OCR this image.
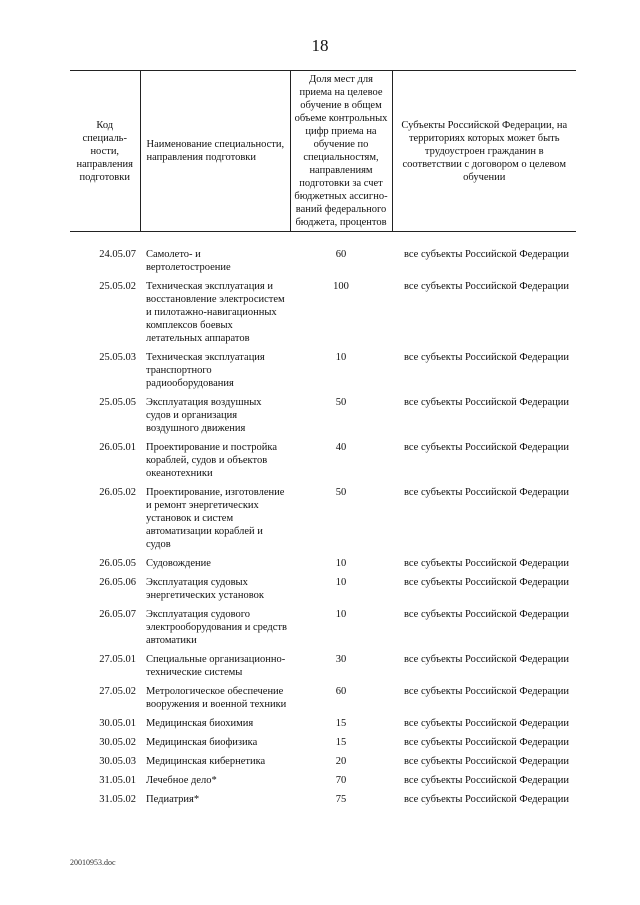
18
Код специаль-ности, направления подготовки	Наименование специальности, направления подготовки	Доля мест для приема на целевое обучение в общем объеме контрольных цифр приема на обучение по специальностям, направлениям подготовки за счет бюджетных ассигно-ваний федерального бюджета, процентов	Субъекты Российской Федерации, на территориях которых может быть трудоустроен гражданин в соответствии с договором о целевом обучении
24.05.07	Самолето- и вертолетостроение	60	все субъекты Российской Федерации
25.05.02	Техническая эксплуатация и восстановление электросистем и пилотажно-навигационных комплексов боевых летательных аппаратов	100	все субъекты Российской Федерации
25.05.03	Техническая эксплуатация транспортного радиооборудования	10	все субъекты Российской Федерации
25.05.05	Эксплуатация воздушных судов и организация воздушного движения	50	все субъекты Российской Федерации
26.05.01	Проектирование и постройка кораблей, судов и объектов океанотехники	40	все субъекты Российской Федерации
26.05.02	Проектирование, изготовление и ремонт энергетических установок и систем автоматизации кораблей и судов	50	все субъекты Российской Федерации
26.05.05	Судовождение	10	все субъекты Российской Федерации
26.05.06	Эксплуатация судовых энергетических установок	10	все субъекты Российской Федерации
26.05.07	Эксплуатация судового электрооборудования и средств автоматики	10	все субъекты Российской Федерации
27.05.01	Специальные организационно-технические системы	30	все субъекты Российской Федерации
27.05.02	Метрологическое обеспечение вооружения и военной техники	60	все субъекты Российской Федерации
30.05.01	Медицинская биохимия	15	все субъекты Российской Федерации
30.05.02	Медицинская биофизика	15	все субъекты Российской Федерации
30.05.03	Медицинская кибернетика	20	все субъекты Российской Федерации
31.05.01	Лечебное дело*	70	все субъекты Российской Федерации
31.05.02	Педиатрия*	75	все субъекты Российской Федерации
20010953.doc
